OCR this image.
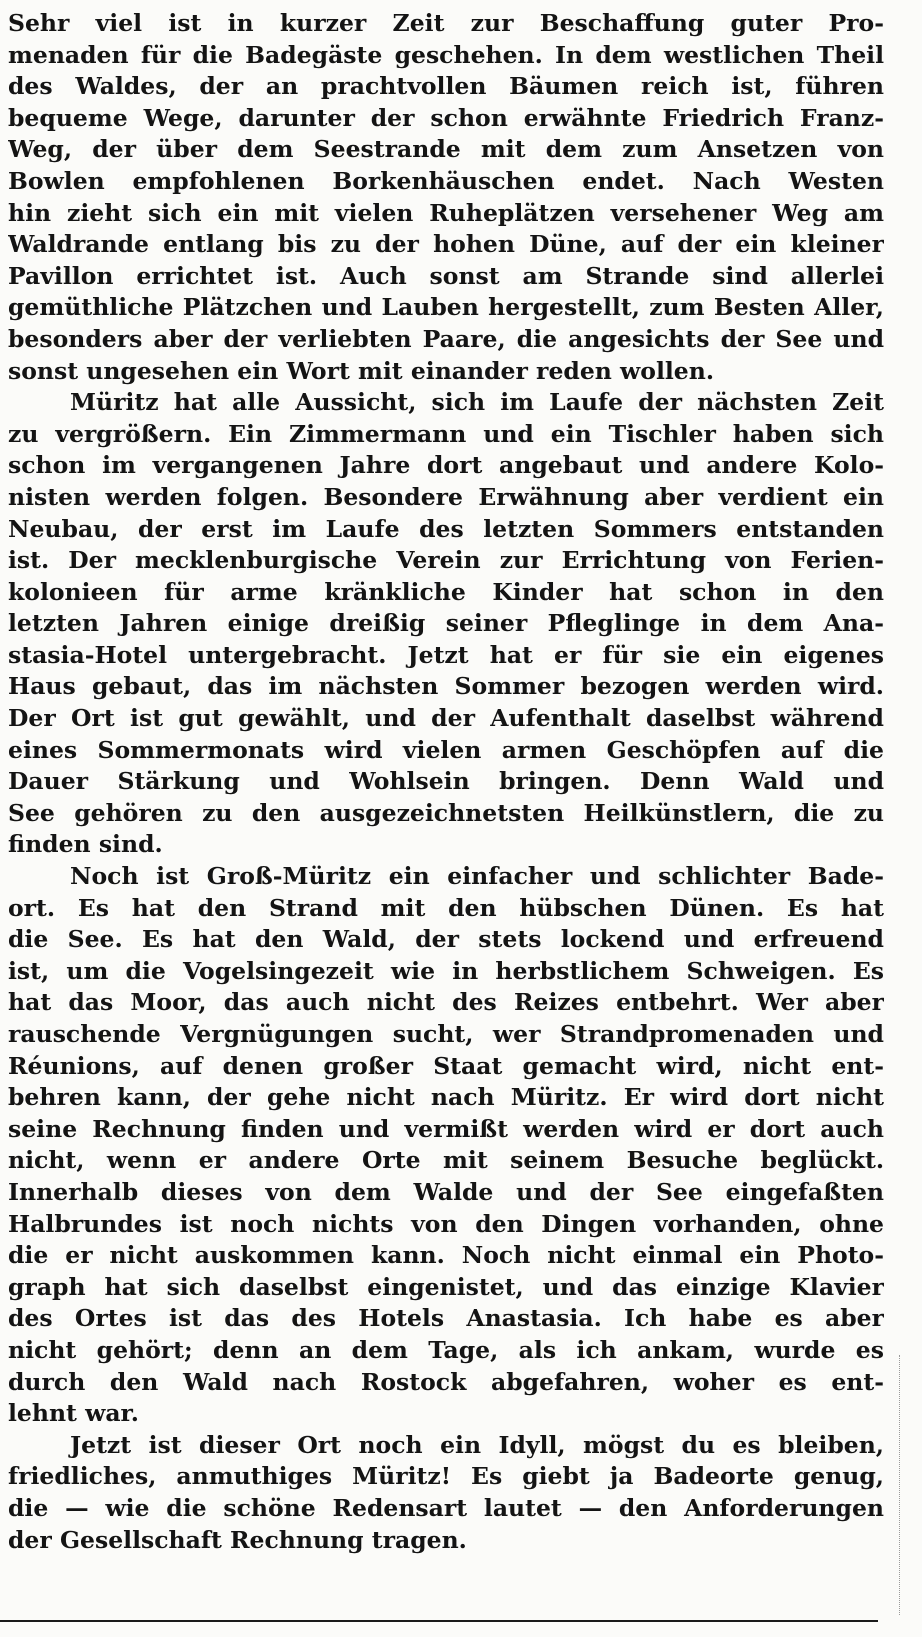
Sehr viel ist in kurzer Zeit zur Beschaffung guter Pro-
menaden für die Badegäste geschehen. In dem westlichen Theil
des Waldes, der an prachtvollen Bäumen reich ist, führen
bequeme Wege, darunter der schon erwähnte Friedrich Franz-
Weg, der über dem Seestrande mit dem zum Ansetzen von
Bowlen empfohlenen Borkenhäuschen endet. Nach Westen
hin zieht sich ein mit vielen Ruheplätzen versehener Weg am
Waldrande entlang bis zu der hohen Düne, auf der ein kleiner
Pavillon errichtet ist. Auch sonst am Strande sind allerlei
gemüthliche Plätzchen und Lauben hergestellt, zum Besten Aller,
besonders aber der verliebten Paare, die angesichts der See und
sonst ungesehen ein Wort mit einander reden wollen.
Müritz hat alle Aussicht, sich im Laufe der nächsten Zeit
zu vergrößern. Ein Zimmermann und ein Tischler haben sich
schon im vergangenen Jahre dort angebaut und andere Kolo-
nisten werden folgen. Besondere Erwähnung aber verdient ein
Neubau, der erst im Laufe des letzten Sommers entstanden
ist. Der mecklenburgische Verein zur Errichtung von Ferien-
kolonieen für arme kränkliche Kinder hat schon in den
letzten Jahren einige dreißig seiner Pfleglinge in dem Ana-
stasia-Hotel untergebracht. Jetzt hat er für sie ein eigenes
Haus gebaut, das im nächsten Sommer bezogen werden wird.
Der Ort ist gut gewählt, und der Aufenthalt daselbst während
eines Sommermonats wird vielen armen Geschöpfen auf die
Dauer Stärkung und Wohlsein bringen. Denn Wald und
See gehören zu den ausgezeichnetsten Heilkünstlern, die zu
finden sind.
Noch ist Groß-Müritz ein einfacher und schlichter Bade-
ort. Es hat den Strand mit den hübschen Dünen. Es hat
die See. Es hat den Wald, der stets lockend und erfreuend
ist, um die Vogelsingezeit wie in herbstlichem Schweigen. Es
hat das Moor, das auch nicht des Reizes entbehrt. Wer aber
rauschende Vergnügungen sucht, wer Strandpromenaden und
Réunions, auf denen großer Staat gemacht wird, nicht ent-
behren kann, der gehe nicht nach Müritz. Er wird dort nicht
seine Rechnung finden und vermißt werden wird er dort auch
nicht, wenn er andere Orte mit seinem Besuche beglückt.
Innerhalb dieses von dem Walde und der See eingefaßten
Halbrundes ist noch nichts von den Dingen vorhanden, ohne
die er nicht auskommen kann. Noch nicht einmal ein Photo-
graph hat sich daselbst eingenistet, und das einzige Klavier
des Ortes ist das des Hotels Anastasia. Ich habe es aber
nicht gehört; denn an dem Tage, als ich ankam, wurde es
durch den Wald nach Rostock abgefahren, woher es ent-
lehnt war.
Jetzt ist dieser Ort noch ein Idyll, mögst du es bleiben,
friedliches, anmuthiges Müritz! Es giebt ja Badeorte genug,
die — wie die schöne Redensart lautet — den Anforderungen
der Gesellschaft Rechnung tragen.
